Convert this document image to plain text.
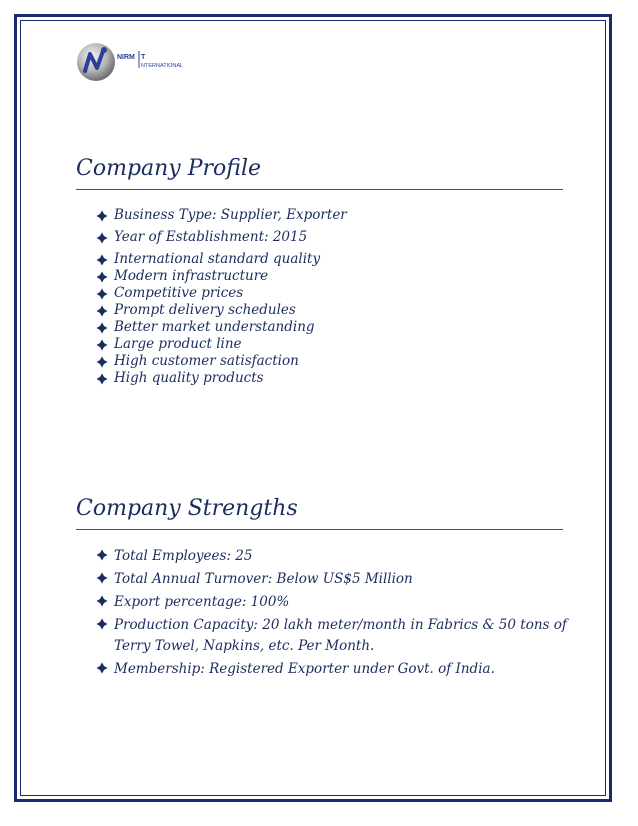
NIRM T
NTERNATIONAL
Company Profile
Business Type: Supplier, Exporter
Year of Establishment: 2015
International standard quality
Modern infrastructure
Competitive prices
Prompt delivery schedules
Better market understanding
Large product line
High customer satisfaction
High quality products
Company Strengths
Total Employees: 25
Total Annual Turnover: Below US$5 Million
Export percentage: 100%
Production Capacity: 20 lakh meter/month in Fabrics & 50 tons of Terry Towel, Napkins, etc. Per Month.
Membership: Registered Exporter under Govt. of India.
